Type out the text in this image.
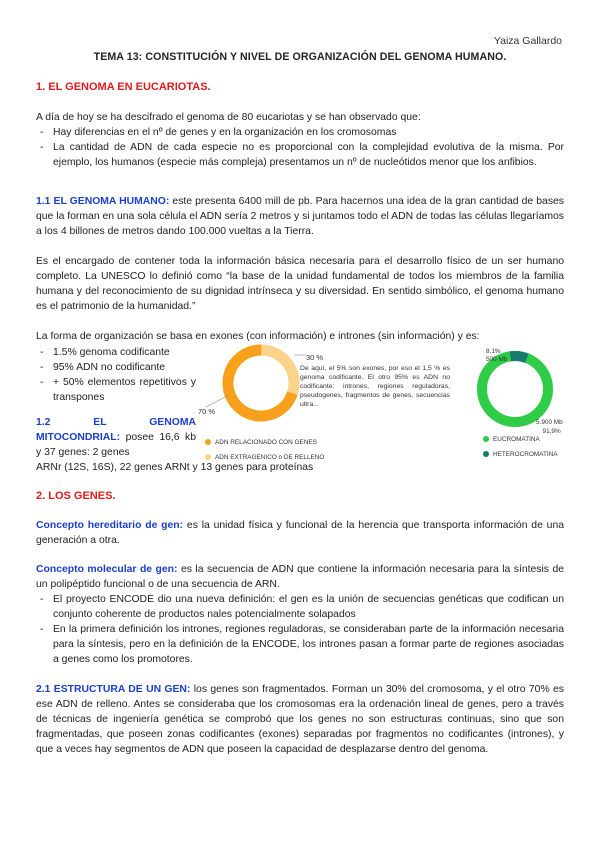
Yaiza Gallardo
TEMA 13: CONSTITUCIÓN Y NIVEL DE ORGANIZACIÓN DEL GENOMA HUMANO.
1. EL GENOMA EN EUCARIOTAS.
A día de hoy se ha descifrado el genoma de 80 eucariotas y se han observado que:
- Hay diferencias en el nº de genes y en la organización en los cromosomas
- La cantidad de ADN de cada especie no es proporcional con la complejidad evolutiva de la misma. Por ejemplo, los humanos (especie más compleja) presentamos un nº de nucleótidos menor que los anfibios.
1.1 EL GENOMA HUMANO: este presenta 6400 mill de pb. Para hacernos una idea de la gran cantidad de bases que la forman en una sola célula el ADN sería 2 metros y si juntamos todo el ADN de todas las células llegaríamos a los 4 billones de metros dando 100.000 vueltas a la Tierra.
Es el encargado de contener toda la información básica necesaria para el desarrollo físico de un ser humano completo. La UNESCO lo definió como “la base de la unidad fundamental de todos los miembros de la familia humana y del reconocimiento de su dignidad intrínseca y su diversidad. En sentido simbólico, el genoma humano es el patrimonio de la humanidad.”
La forma de organización se basa en exones (con información) e intrones (sin información) y es:
- 1.5% genoma codificante
- 95% ADN no codificante
- + 50% elementos repetitivos y transpones
1.2 EL GENOMA MITOCONDRIAL: posee 16,6 kb y 37 genes: 2 genes
ARNr (12S, 16S), 22 genes ARNt y 13 genes para proteínas
30 %
70 %
De aquí, el 5% son exones, por eso el 1,5 % es genoma codificante. El otro 95% es ADN no codificante: intrones, regiones reguladoras, pseudogenes, fragmentos de genes, secuencias ultra...
ADN RELACIONADO CON GENES
ADN EXTRAGENICO o DE RELLENO
8,1%
500 Mb
5.900 Mb
91,9%
EUCROMATINA
HETEROCROMATINA
2. LOS GENES.
Concepto hereditario de gen: es la unidad física y funcional de la herencia que transporta información de una generación a otra.
Concepto molecular de gen: es la secuencia de ADN que contiene la información necesaria para la síntesis de un polipéptido funcional o de una secuencia de ARN.
- El proyecto ENCODE dio una nueva definición: el gen es la unión de secuencias genéticas que codifican un conjunto coherente de productos nales potencialmente solapados
- En la primera definición los intrones, regiones reguladoras, se consideraban parte de la información necesaria para la síntesis, pero en la definición de la ENCODE, los intrones pasan a formar parte de regiones asociadas a genes como los promotores.
2.1 ESTRUCTURA DE UN GEN: los genes son fragmentados. Forman un 30% del cromosoma, y el otro 70% es ese ADN de relleno. Antes se consideraba que los cromosomas era la ordenación lineal de genes, pero a través de técnicas de ingeniería genética se comprobó que los genes no son estructuras continuas, sino que son fragmentadas, que poseen zonas codificantes (exones) separadas por fragmentos no codificantes (intrones), y que a veces hay segmentos de ADN que poseen la capacidad de desplazarse dentro del genoma.
